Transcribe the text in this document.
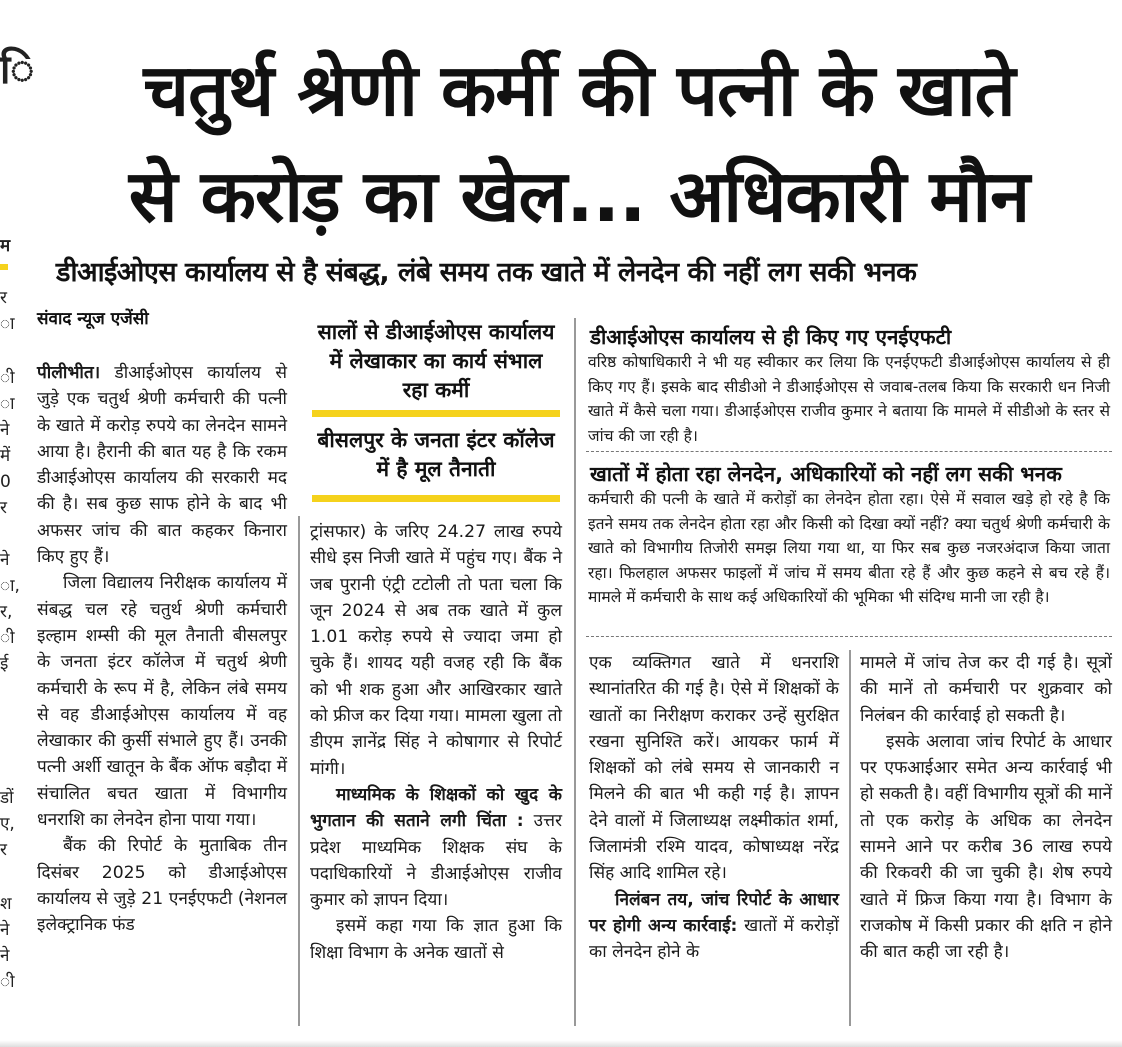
ि
म
र
ा
ी
ा
ने
में
0
र
ने
ा,
र,
ी
ई
डों
ए,
र
श
ने
ने
ी
चतुर्थ श्रेणी कर्मी की पत्नी के खाते
से करोड़ का खेल... अधिकारी मौन
डीआईओएस कार्यालय से है संबद्ध, लंबे समय तक खाते में लेनदेन की नहीं लग सकी भनक
संवाद न्यूज एजेंसी

पीलीभीत। डीआईओएस कार्यालय से जुड़े एक चतुर्थ श्रेणी कर्मचारी की पत्नी के खाते में करोड़ रुपये का लेनदेन सामने आया है। हैरानी की बात यह है कि रकम डीआईओएस कार्यालय की सरकारी मद की है। सब कुछ साफ होने के बाद भी अफसर जांच की बात कहकर किनारा किए हुए हैं।

जिला विद्यालय निरीक्षक कार्यालय में संबद्ध चल रहे चतुर्थ श्रेणी कर्मचारी इल्हाम शम्सी की मूल तैनाती बीसलपुर के जनता इंटर कॉलेज में चतुर्थ श्रेणी कर्मचारी के रूप में है, लेकिन लंबे समय से वह डीआईओएस कार्यालय में वह लेखाकार की कुर्सी संभाले हुए हैं। उनकी पत्नी अर्शी खातून के बैंक ऑफ बड़ौदा में संचालित बचत खाता में विभागीय धनराशि का लेनदेन होना पाया गया।

बैंक की रिपोर्ट के मुताबिक तीन दिसंबर 2025 को डीआईओएस कार्यालय से जुड़े 21 एनईएफटी (नेशनल इलेक्ट्रानिक फंड

सालों से डीआईओएस कार्यालय में लेखाकार का कार्य संभाल रहा कर्मी
बीसलपुर के जनता इंटर कॉलेज में है मूल तैनाती

ट्रांसफार) के जरिए 24.27 लाख रुपये सीधे इस निजी खाते में पहुंच गए। बैंक ने जब पुरानी एंट्री टटोली तो पता चला कि जून 2024 से अब तक खाते में कुल 1.01 करोड़ रुपये से ज्यादा जमा हो चुके हैं। शायद यही वजह रही कि बैंक को भी शक हुआ और आखिरकार खाते को फ्रीज कर दिया गया। मामला खुला तो डीएम ज्ञानेंद्र सिंह ने कोषागार से रिपोर्ट मांगी।

माध्यमिक के शिक्षकों को खुद के भुगतान की सताने लगी चिंता : उत्तर प्रदेश माध्यमिक शिक्षक संघ के पदाधिकारियों ने डीआईओएस राजीव कुमार को ज्ञापन दिया।

इसमें कहा गया कि ज्ञात हुआ कि शिक्षा विभाग के अनेक खातों से

डीआईओएस कार्यालय से ही किए गए एनईएफटी
वरिष्ठ कोषाधिकारी ने भी यह स्वीकार कर लिया कि एनईएफटी डीआईओएस कार्यालय से ही किए गए हैं। इसके बाद सीडीओ ने डीआईओएस से जवाब-तलब किया कि सरकारी धन निजी खाते में कैसे चला गया। डीआईओएस राजीव कुमार ने बताया कि मामले में सीडीओ के स्तर से जांच की जा रही है।
खातों में होता रहा लेनदेन, अधिकारियों को नहीं लग सकी भनक
कर्मचारी की पत्नी के खाते में करोड़ों का लेनदेन होता रहा। ऐसे में सवाल खड़े हो रहे है कि इतने समय तक लेनदेन होता रहा और किसी को दिखा क्यों नहीं? क्या चतुर्थ श्रेणी कर्मचारी के खाते को विभागीय तिजोरी समझ लिया गया था, या फिर सब कुछ नजरअंदाज किया जाता रहा। फिलहाल अफसर फाइलों में जांच में समय बीता रहे हैं और कुछ कहने से बच रहे हैं। मामले में कर्मचारी के साथ कई अधिकारियों की भूमिका भी संदिग्ध मानी जा रही है।

एक व्यक्तिगत खाते में धनराशि स्थानांतरित की गई है। ऐसे में शिक्षकों के खातों का निरीक्षण कराकर उन्हें सुरक्षित रखना सुनिश्ति करें। आयकर फार्म में शिक्षकों को लंबे समय से जानकारी न मिलने की बात भी कही गई है। ज्ञापन देने वालों में जिलाध्यक्ष लक्ष्मीकांत शर्मा, जिलामंत्री रश्मि यादव, कोषाध्यक्ष नरेंद्र सिंह आदि शामिल रहे।

निलंबन तय, जांच रिपोर्ट के आधार पर होगी अन्य कार्रवाई: खातों में करोड़ों का लेनदेन होने के

मामले में जांच तेज कर दी गई है। सूत्रों की मानें तो कर्मचारी पर शुक्रवार को निलंबन की कार्रवाई हो सकती है।

इसके अलावा जांच रिपोर्ट के आधार पर एफआईआर समेत अन्य कार्रवाई भी हो सकती है। वहीं विभागीय सूत्रों की मानें तो एक करोड़ के अधिक का लेनदेन सामने आने पर करीब 36 लाख रुपये की रिकवरी की जा चुकी है। शेष रुपये खाते में फ्रिज किया गया है। विभाग के राजकोष में किसी प्रकार की क्षति न होने की बात कही जा रही है।
